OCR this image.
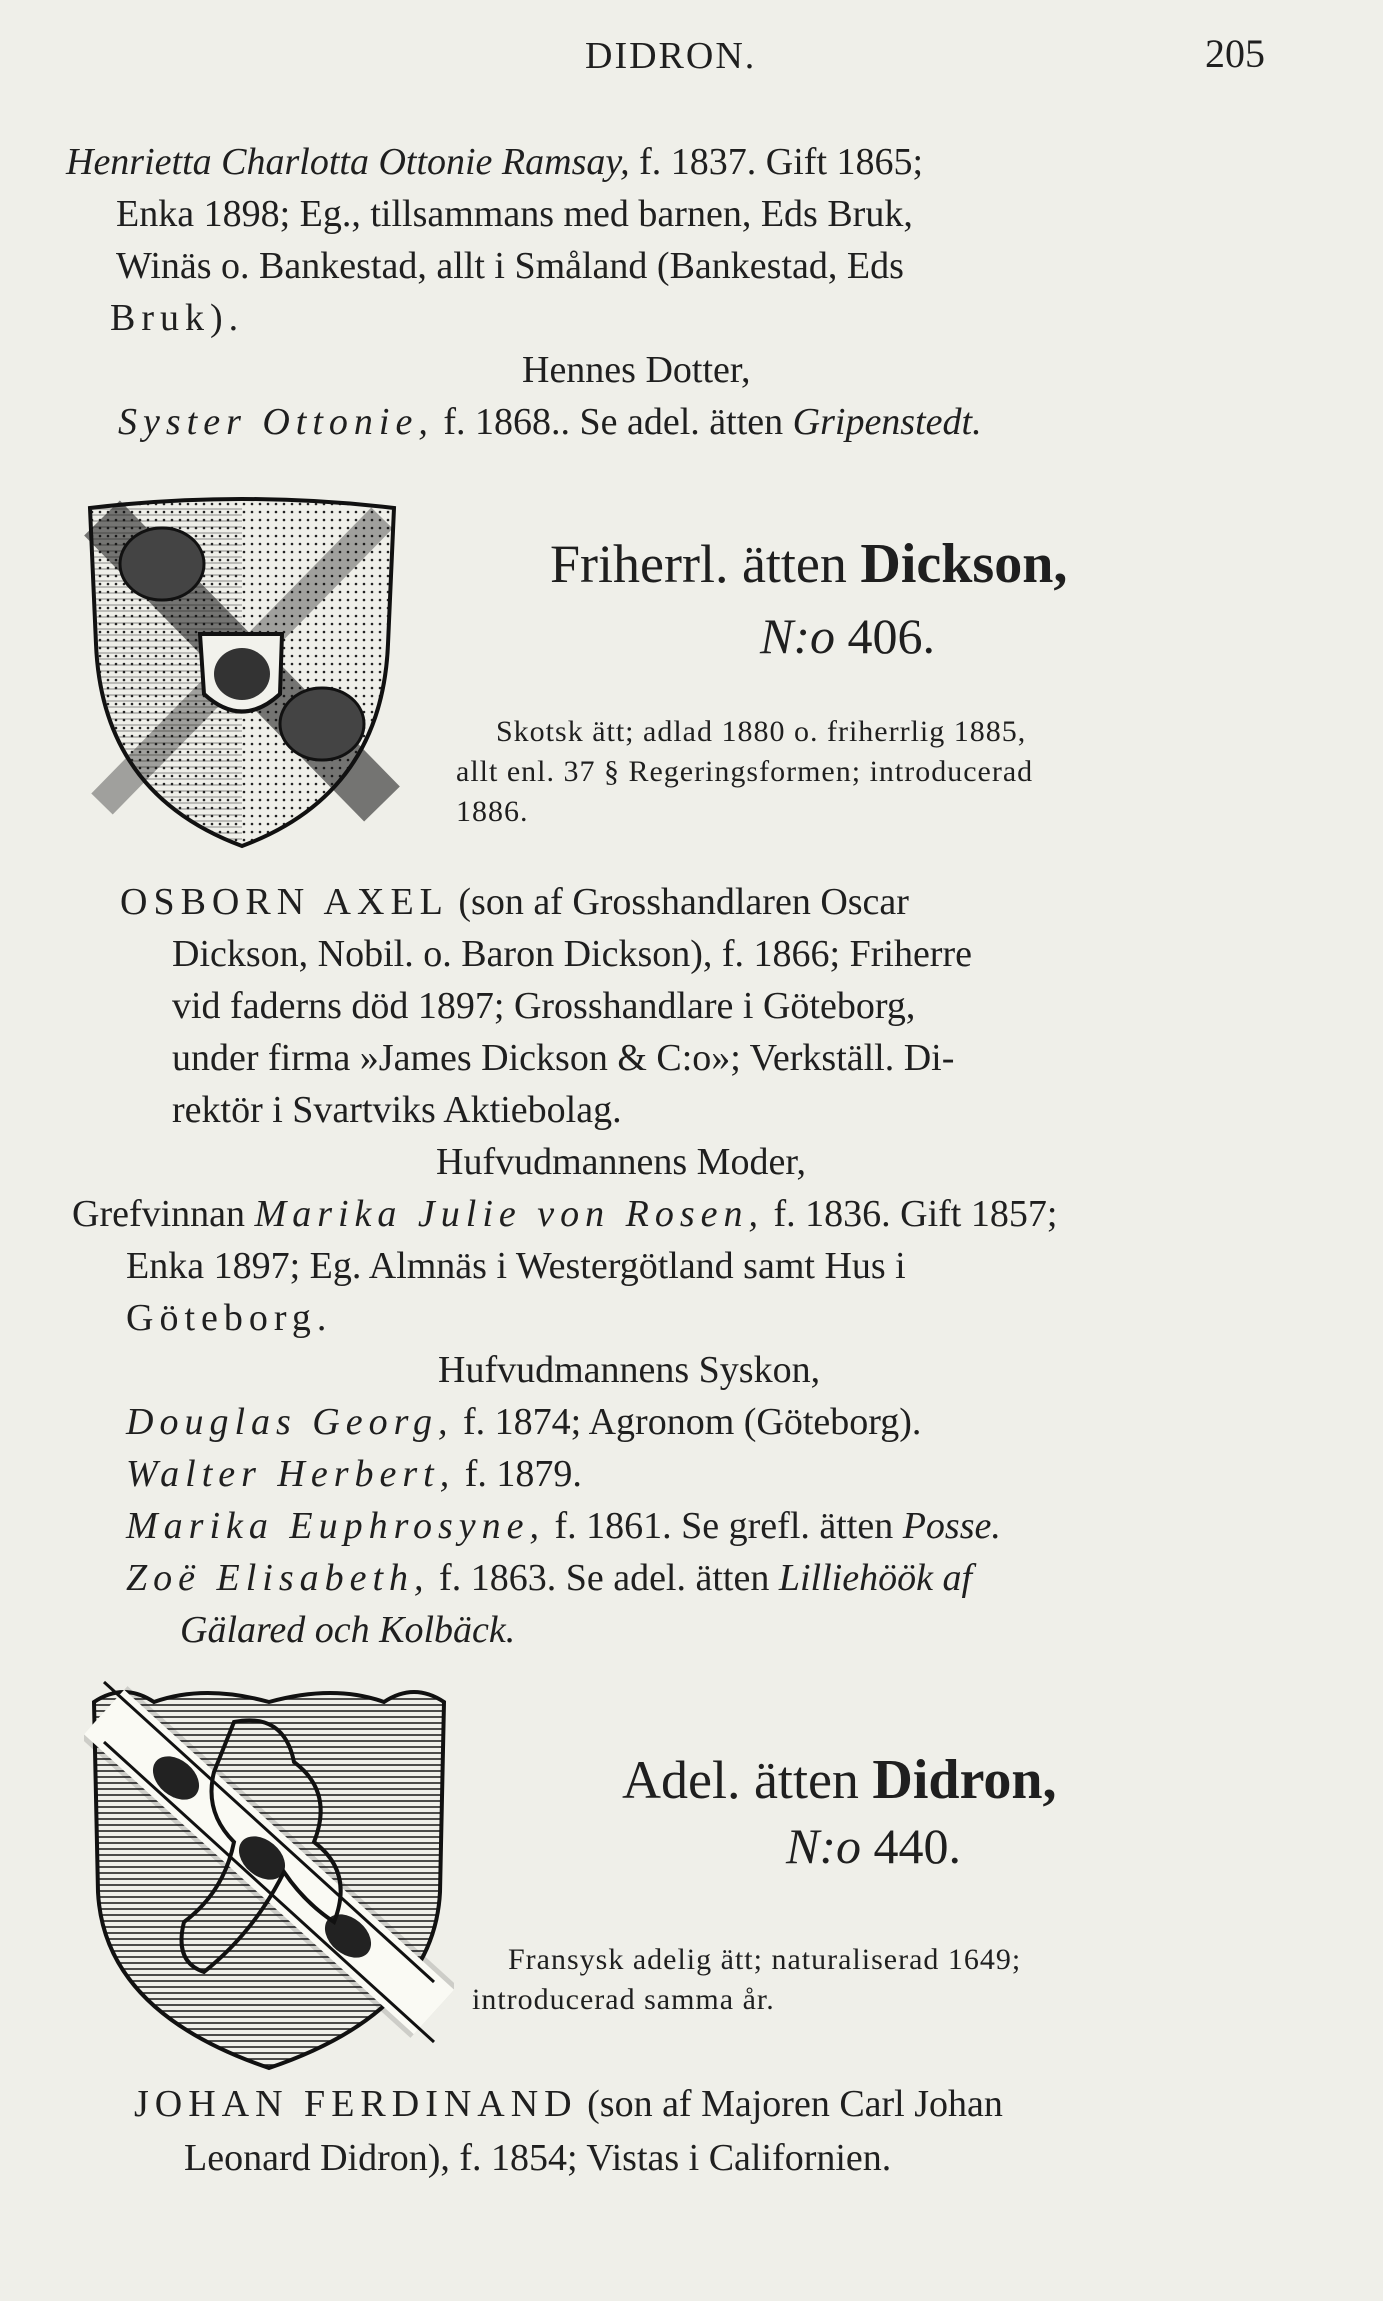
DIDRON.	205
Henrietta Charlotta Ottonie Ramsay, f. 1837. Gift 1865;
Enka 1898; Eg., tillsammans med barnen, Eds Bruk,
Winäs o. Bankestad, allt i Småland (Bankestad, Eds
Bruk).
Hennes Dotter,
Syster Ottonie, f. 1868.. Se adel. ätten Gripenstedt.
Friherrl. ätten Dickson,
N:o 406.
Skotsk ätt; adlad 1880 o. friherrlig 1885,
allt enl. 37 § Regeringsformen; introducerad
1886.
OSBORN AXEL (son af Grosshandlaren Oscar
Dickson, Nobil. o. Baron Dickson), f. 1866; Friherre
vid faderns död 1897; Grosshandlare i Göteborg,
under firma »James Dickson & C:o»; Verkställ. Di-
rektör i Svartviks Aktiebolag.
Hufvudmannens Moder,
Grefvinnan Marika Julie von Rosen, f. 1836. Gift 1857;
Enka 1897; Eg. Almnäs i Westergötland samt Hus i
Göteborg.
Hufvudmannens Syskon,
Douglas Georg, f. 1874; Agronom (Göteborg).
Walter Herbert, f. 1879.
Marika Euphrosyne, f. 1861. Se grefl. ätten Posse.
Zoë Elisabeth, f. 1863. Se adel. ätten Lilliehöök af
Gälared och Kolbäck.
Adel. ätten Didron,
N:o 440.
Fransysk adelig ätt; naturaliserad 1649;
introducerad samma år.
JOHAN FERDINAND (son af Majoren Carl Johan
Leonard Didron), f. 1854; Vistas i Californien.
